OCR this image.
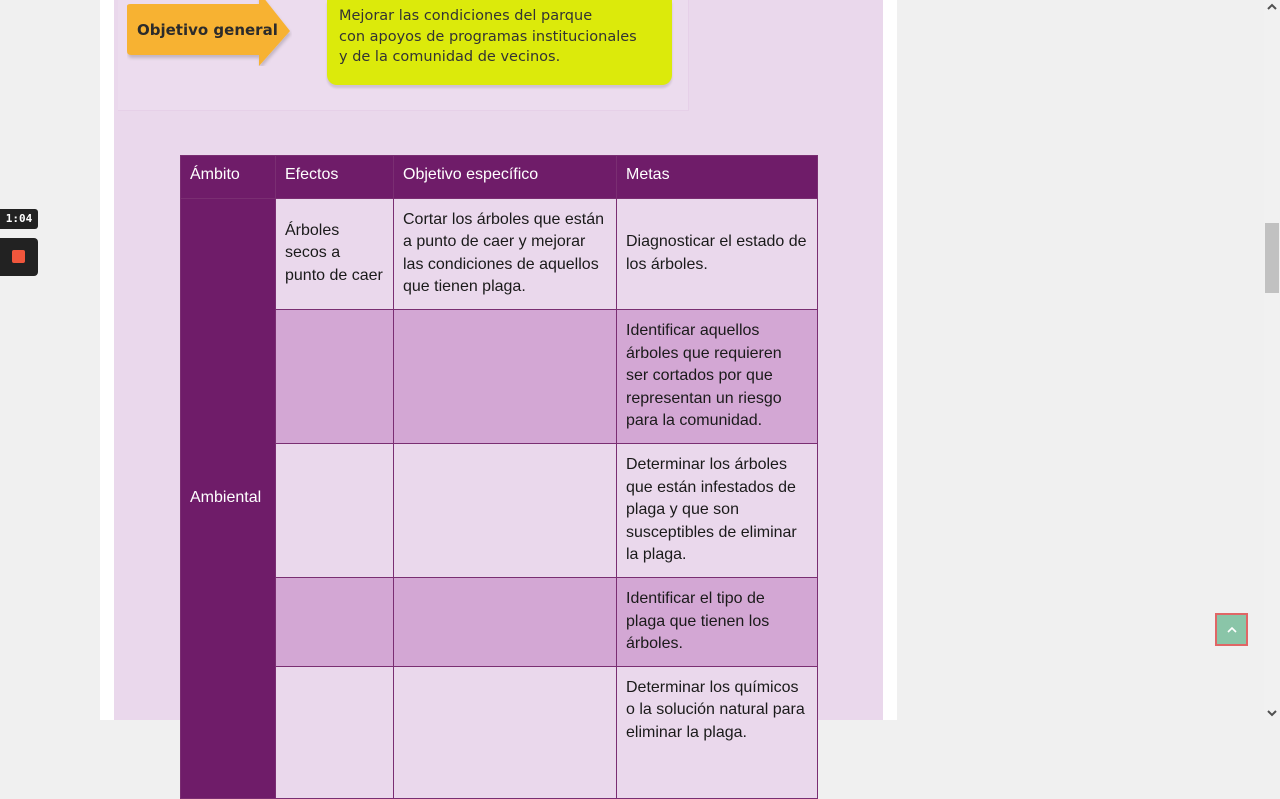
Objetivo general
Mejorar las condiciones del parque
con apoyos de programas institucionales
y de la comunidad de vecinos.
Ámbito	Efectos	Objetivo específico	Metas
Ambiental	Árboles secos a punto de caer	Cortar los árboles que están a punto de caer y mejorar las condiciones de aquellos que tienen plaga.	Diagnosticar el estado de los árboles.
			Identificar aquellos árboles que requieren ser cortados por que representan un riesgo para la comunidad.
			Determinar los árboles que están infestados de plaga y que son susceptibles de eliminar la plaga.
			Identificar el tipo de plaga que tienen los árboles.
			Determinar los químicos o la solución natural para eliminar la plaga.
1:04
